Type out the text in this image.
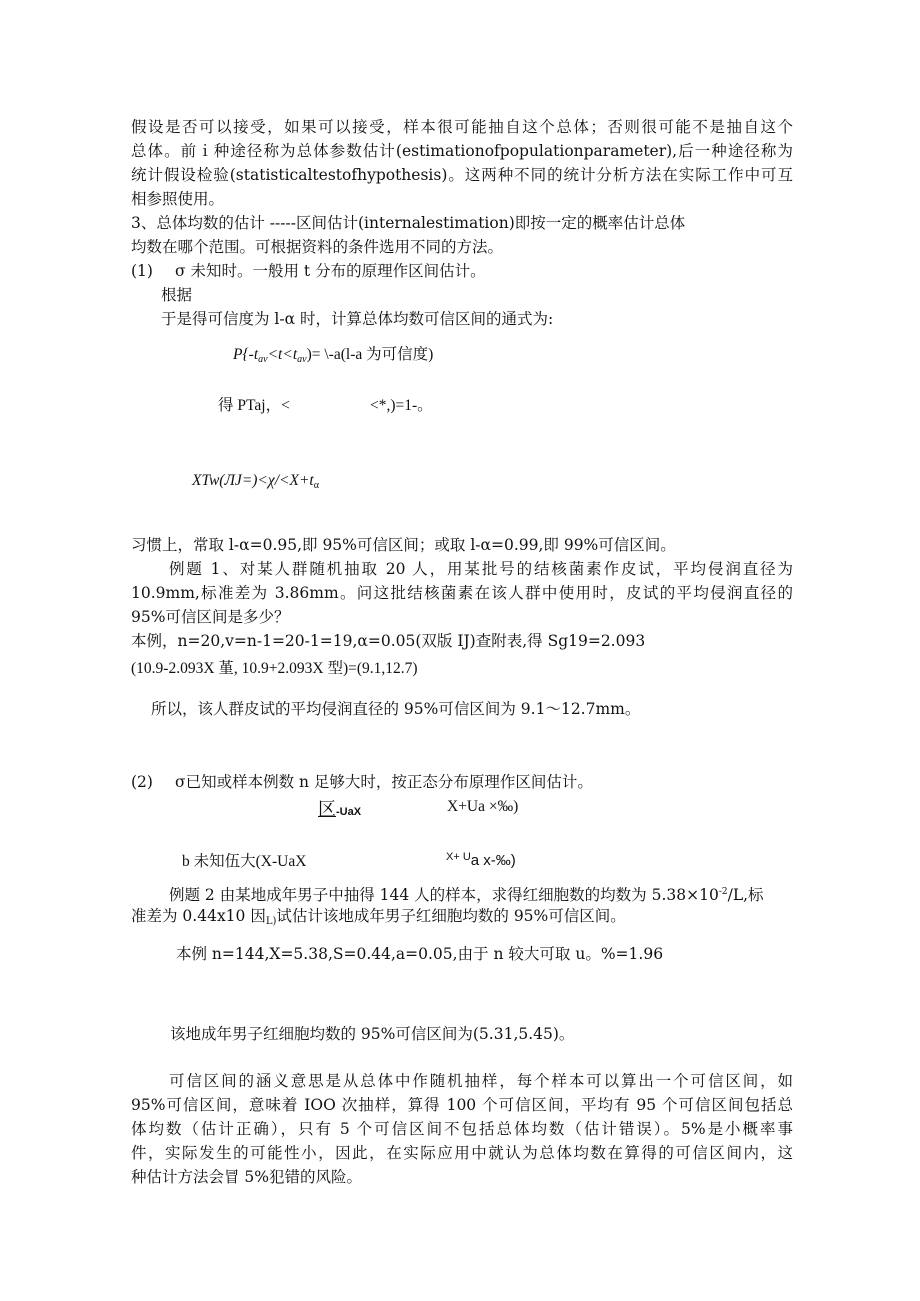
假设是否可以接受，如果可以接受，样本很可能抽自这个总体；否则很可能不是抽自这个
总体。前ｉ种途径称为总体参数估计(estimationofpopulationparameter),后一种途径称为
统计假设检验(statisticaltestofhypothesis)。这两种不同的统计分析方法在实际工作中可互
相参照使用。
3、总体均数的估计 -----区间估计(internalestimation)即按一定的概率估计总体
均数在哪个范围。可根据资料的条件选用不同的方法。
(1) σ 未知时。一般用 t 分布的原理作区间估计。
根据
于是得可信度为 l-α 时，计算总体均数可信区间的通式为:
$P\{-t_{av}<t<t_{av})=$ \-a(l-a 为可信度)
得 PTaj，<	<*,)=1-。
$XTw(ЛJ=)<\chi/<X+t_\alpha$
习惯上，常取 l-α=0.95,即 95%可信区间；或取 l-α=0.99,即 99%可信区间。
例题 1、对某人群随机抽取 20 人，用某批号的结核菌素作皮试，平均侵润直径为
10.9mm,标准差为 3.86mm。问这批结核菌素在该人群中使用时，皮试的平均侵润直径的
95%可信区间是多少？
本例，n=20,v=n-1=20-1=19,α=0.05(双版 IJ)查附表,得 Sg19=2.093
(10.9-2.093X 堇, 10.9+2.093X 型)=(9.1,12.7)
所以，该人群皮试的平均侵润直径的 95%可信区间为 9.1～12.7mm。
(2) σ已知或样本例数 n 足够大时，按正态分布原理作区间估计。
区-UaX	X+Ua ×‰)
b 未知伍大(X-UaX	$^{X+ U}$a x-‰)
例题 2 由某地成年男子中抽得 144 人的样本，求得红细胞数的均数为 $5.38\times 10^{-2}/L$,标
准差为 0.44x10 因$_{L)}$试估计该地成年男子红细胞均数的 95%可信区间。
本例 n=144,X=5.38,S=0.44,a=0.05,由于 n 较大可取 u。%=1.96
该地成年男子红细胞均数的 95%可信区间为(5.31,5.45)。
可信区间的涵义意思是从总体中作随机抽样，每个样本可以算出一个可信区间，如
95%可信区间，意味着 IOO 次抽样，算得 100 个可信区间，平均有 95 个可信区间包括总
体均数（估计正确），只有 5 个可信区间不包括总体均数（估计错误）。5%是小概率事
件，实际发生的可能性小，因此，在实际应用中就认为总体均数在算得的可信区间内，这
种估计方法会冒 5%犯错的风险。
